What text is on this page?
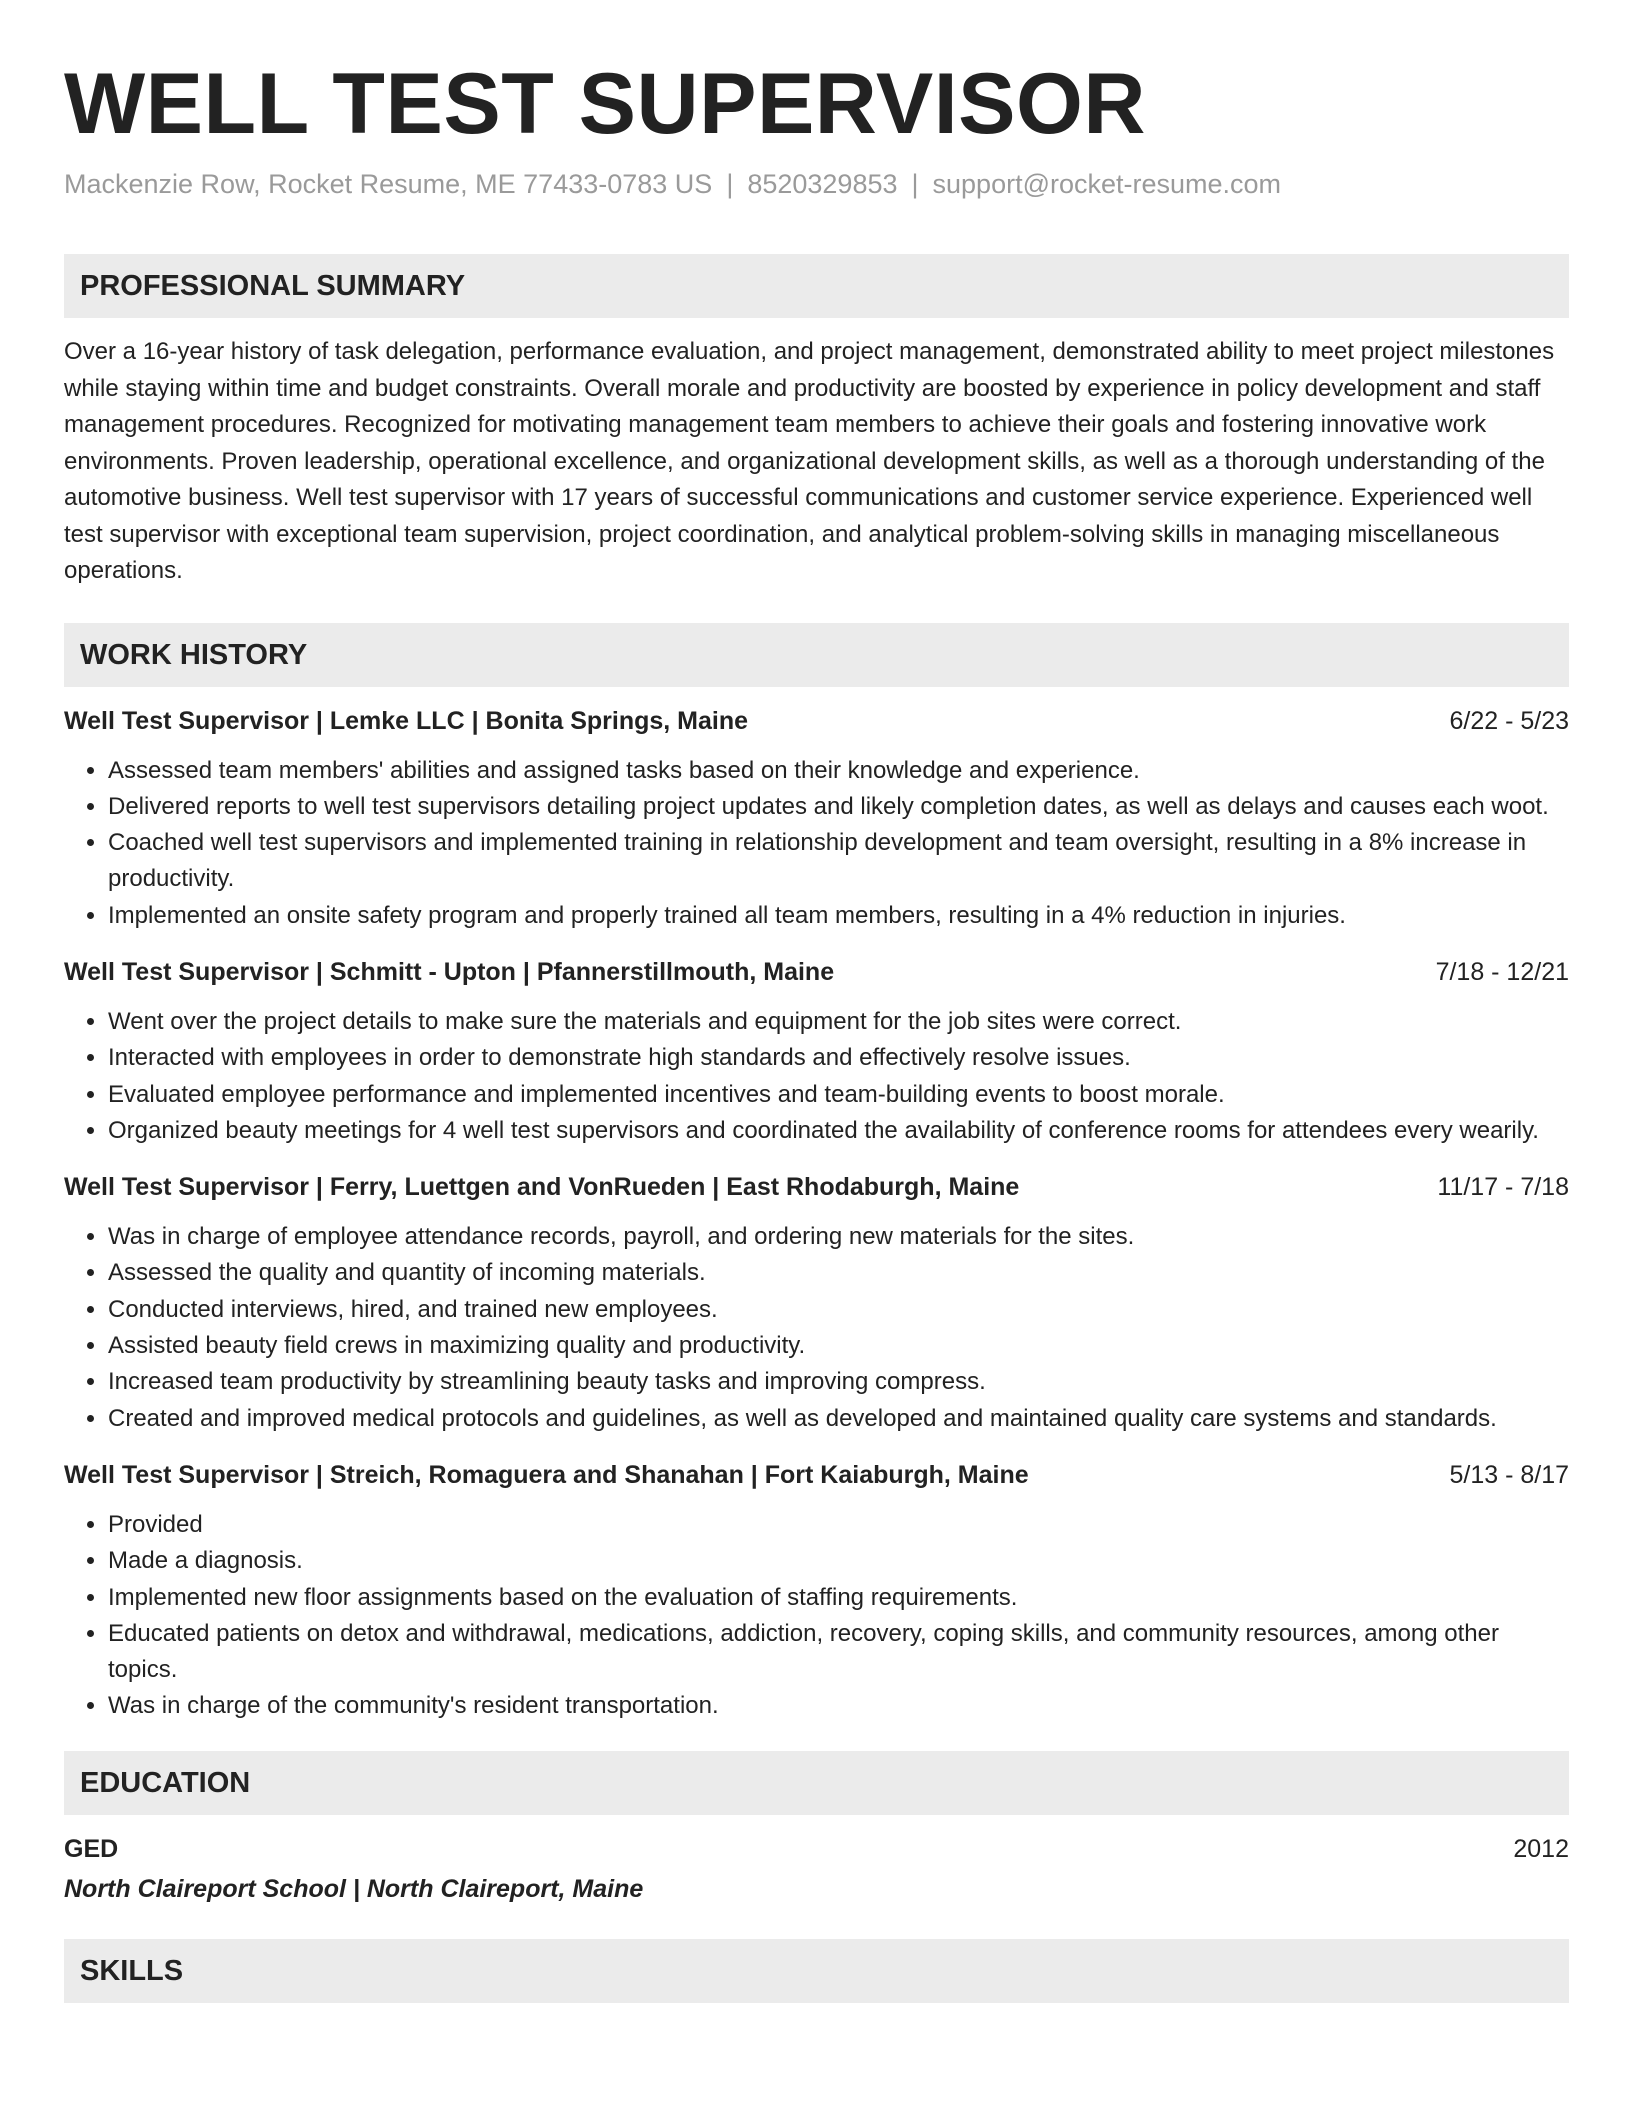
WELL TEST SUPERVISOR
Mackenzie Row, Rocket Resume, ME 77433-0783 US | 8520329853 | support@rocket-resume.com
PROFESSIONAL SUMMARY
Over a 16-year history of task delegation, performance evaluation, and project management, demonstrated ability to meet project milestones while staying within time and budget constraints. Overall morale and productivity are boosted by experience in policy development and staff management procedures. Recognized for motivating management team members to achieve their goals and fostering innovative work environments. Proven leadership, operational excellence, and organizational development skills, as well as a thorough understanding of the automotive business. Well test supervisor with 17 years of successful communications and customer service experience. Experienced well test supervisor with exceptional team supervision, project coordination, and analytical problem-solving skills in managing miscellaneous operations.
WORK HISTORY
Well Test Supervisor | Lemke LLC | Bonita Springs, Maine	6/22 - 5/23
• Assessed team members' abilities and assigned tasks based on their knowledge and experience.
• Delivered reports to well test supervisors detailing project updates and likely completion dates, as well as delays and causes each woot.
• Coached well test supervisors and implemented training in relationship development and team oversight, resulting in a 8% increase in productivity.
• Implemented an onsite safety program and properly trained all team members, resulting in a 4% reduction in injuries.
Well Test Supervisor | Schmitt - Upton | Pfannerstillmouth, Maine	7/18 - 12/21
• Went over the project details to make sure the materials and equipment for the job sites were correct.
• Interacted with employees in order to demonstrate high standards and effectively resolve issues.
• Evaluated employee performance and implemented incentives and team-building events to boost morale.
• Organized beauty meetings for 4 well test supervisors and coordinated the availability of conference rooms for attendees every wearily.
Well Test Supervisor | Ferry, Luettgen and VonRueden | East Rhodaburgh, Maine	11/17 - 7/18
• Was in charge of employee attendance records, payroll, and ordering new materials for the sites.
• Assessed the quality and quantity of incoming materials.
• Conducted interviews, hired, and trained new employees.
• Assisted beauty field crews in maximizing quality and productivity.
• Increased team productivity by streamlining beauty tasks and improving compress.
• Created and improved medical protocols and guidelines, as well as developed and maintained quality care systems and standards.
Well Test Supervisor | Streich, Romaguera and Shanahan | Fort Kaiaburgh, Maine	5/13 - 8/17
• Provided
• Made a diagnosis.
• Implemented new floor assignments based on the evaluation of staffing requirements.
• Educated patients on detox and withdrawal, medications, addiction, recovery, coping skills, and community resources, among other topics.
• Was in charge of the community's resident transportation.
EDUCATION
GED	2012
North Claireport School | North Claireport, Maine
SKILLS
